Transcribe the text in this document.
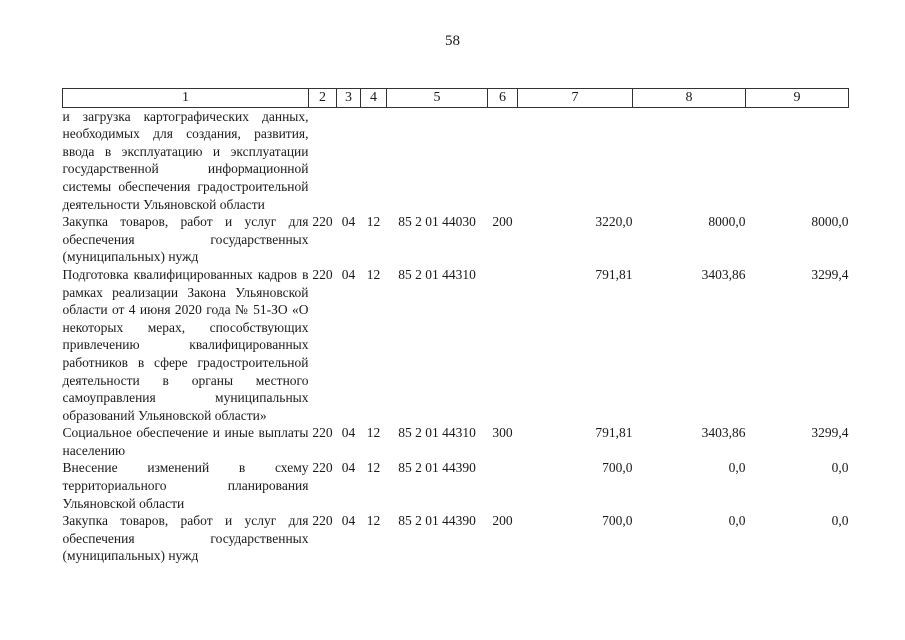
58
1	2	3	4	5	6	7	8	9
и загрузка картографических данных, необходимых для создания, развития, ввода в эксплуатацию и эксплуатации государственной информационной системы обеспечения градостроительной деятельности Ульяновской области								
Закупка товаров, работ и услуг для обеспечения государственных (муниципальных) нужд	220	04	12	85 2 01 44030	200	3220,0	8000,0	8000,0
Подготовка квалифицированных кадров в рамках реализации Закона Ульяновской области от 4 июня 2020 года № 51-ЗО «О некоторых мерах, способствующих привлечению квалифицированных работников в сфере градостроительной деятельности в органы местного самоуправления муниципальных образований Ульяновской области»	220	04	12	85 2 01 44310		791,81	3403,86	3299,4
Социальное обеспечение и иные выплаты населению	220	04	12	85 2 01 44310	300	791,81	3403,86	3299,4
Внесение изменений в схему территориального планирования Ульяновской области	220	04	12	85 2 01 44390		700,0	0,0	0,0
Закупка товаров, работ и услуг для обеспечения государственных (муниципальных) нужд	220	04	12	85 2 01 44390	200	700,0	0,0	0,0
